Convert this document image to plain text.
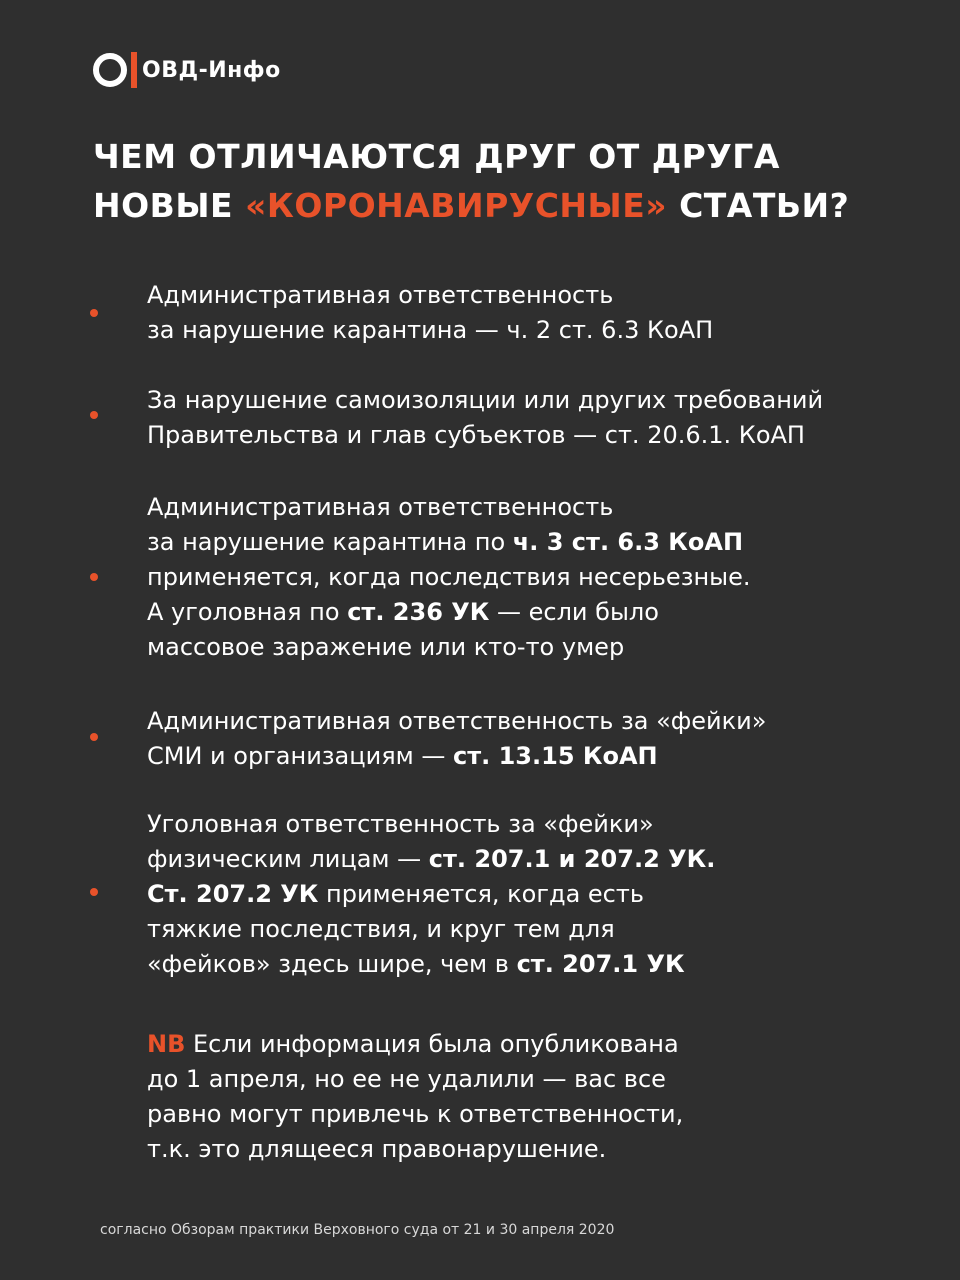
ОВД-Инфо
ЧЕМ ОТЛИЧАЮТСЯ ДРУГ ОТ ДРУГА
НОВЫЕ «КОРОНАВИРУСНЫЕ» СТАТЬИ?
Административная ответственность
за нарушение карантина — ч. 2 ст. 6.3 КоАП
За нарушение самоизоляции или других требований
Правительства и глав субъектов — ст. 20.6.1. КоАП
Административная ответственность
за нарушение карантина по ч. 3 ст. 6.3 КоАП
применяется, когда последствия несерьезные.
А уголовная по ст. 236 УК — если было
массовое заражение или кто-то умер
Административная ответственность за «фейки»
СМИ и организациям — ст. 13.15 КоАП
Уголовная ответственность за «фейки»
физическим лицам — ст. 207.1 и 207.2 УК.
Ст. 207.2 УК применяется, когда есть
тяжкие последствия, и круг тем для
«фейков» здесь шире, чем в ст. 207.1 УК
NB Если информация была опубликована
до 1 апреля, но ее не удалили — вас все
равно могут привлечь к ответственности,
т.к. это длящееся правонарушение.
согласно Обзорам практики Верховного суда от 21 и 30 апреля 2020
